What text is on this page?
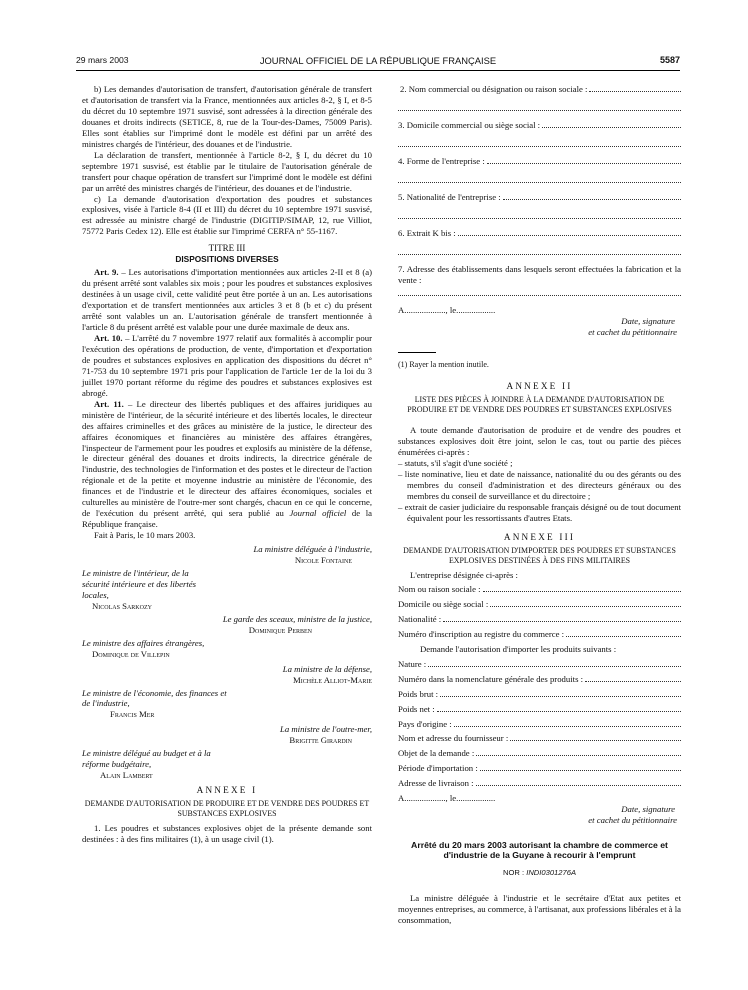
29 mars 2003	JOURNAL OFFICIEL DE LA RÉPUBLIQUE FRANÇAISE	5587

b) Les demandes d'autorisation de transfert, d'autorisation générale de transfert et d'autorisation de transfert via la France, mentionnées aux articles 8-2, § I, et 8-5 du décret du 10 septembre 1971 susvisé, sont adressées à la direction générale des douanes et droits indirects (SETICE, 8, rue de la Tour-des-Dames, 75009 Paris). Elles sont établies sur l'imprimé dont le modèle est défini par un arrêté des ministres chargés de l'intérieur, des douanes et de l'industrie.

La déclaration de transfert, mentionnée à l'article 8-2, § I, du décret du 10 septembre 1971 susvisé, est établie par le titulaire de l'autorisation générale de transfert pour chaque opération de transfert sur l'imprimé dont le modèle est défini par un arrêté des ministres chargés de l'intérieur, des douanes et de l'industrie.

c) La demande d'autorisation d'exportation des poudres et substances explosives, visée à l'article 8-4 (II et III) du décret du 10 septembre 1971 susvisé, est adressée au ministre chargé de l'industrie (DIGITIP/SIMAP, 12, rue Villiot, 75772 Paris Cedex 12). Elle est établie sur l'imprimé CERFA n° 55-1167.

TITRE III
DISPOSITIONS DIVERSES

Art. 9. – Les autorisations d'importation mentionnées aux articles 2-II et 8 (a) du présent arrêté sont valables six mois ; pour les poudres et substances explosives destinées à un usage civil, cette validité peut être portée à un an. Les autorisations d'exportation et de transfert mentionnées aux articles 3 et 8 (b et c) du présent arrêté sont valables un an. L'autorisation générale de transfert mentionnée à l'article 8 du présent arrêté est valable pour une durée maximale de deux ans.

Art. 10. – L'arrêté du 7 novembre 1977 relatif aux formalités à accomplir pour l'exécution des opérations de production, de vente, d'importation et d'exportation de poudres et substances explosives en application des dispositions du décret n° 71-753 du 10 septembre 1971 pris pour l'application de l'article 1er de la loi du 3 juillet 1970 portant réforme du régime des poudres et substances explosives est abrogé.

Art. 11. – Le directeur des libertés publiques et des affaires juridiques au ministère de l'intérieur, de la sécurité intérieure et des libertés locales, le directeur des affaires criminelles et des grâces au ministère de la justice, le directeur des affaires économiques et financières au ministère des affaires étrangères, l'inspecteur de l'armement pour les poudres et explosifs au ministère de la défense, le directeur général des douanes et droits indirects, la directrice générale de l'industrie, des technologies de l'information et des postes et le directeur de l'action régionale et de la petite et moyenne industrie au ministère de l'économie, des finances et de l'industrie et le directeur des affaires économiques, sociales et culturelles au ministère de l'outre-mer sont chargés, chacun en ce qui le concerne, de l'exécution du présent arrêté, qui sera publié au Journal officiel de la République française.

Fait à Paris, le 10 mars 2003.

La ministre déléguée à l'industrie,
Nicole Fontaine
Le ministre de l'intérieur, de la sécurité intérieure et des libertés locales,
Nicolas Sarkozy
Le garde des sceaux, ministre de la justice,
Dominique Perben
Le ministre des affaires étrangères,
Dominique de Villepin
La ministre de la défense,
Michèle Alliot-Marie
Le ministre de l'économie, des finances et de l'industrie,
Francis Mer
La ministre de l'outre-mer,
Brigitte Girardin
Le ministre délégué au budget et à la réforme budgétaire,
Alain Lambert
ANNEXE I
DEMANDE D'AUTORISATION DE PRODUIRE ET DE VENDRE DES POUDRES ET SUBSTANCES EXPLOSIVES

1. Les poudres et substances explosives objet de la présente demande sont destinées : à des fins militaires (1), à un usage civil (1).

2. Nom commercial ou désignation ou raison sociale :
3. Domicile commercial ou siège social :
4. Forme de l'entreprise :
5. Nationalité de l'entreprise :
6. Extrait K bis :

7. Adresse des établissements dans lesquels seront effectuées la fabrication et la vente :

A..................., le..................
Date, signature
et cachet du pétitionnaire
(1) Rayer la mention inutile.
ANNEXE II
LISTE DES PIÈCES À JOINDRE À LA DEMANDE D'AUTORISATION DE PRODUIRE ET DE VENDRE DES POUDRES ET SUBSTANCES EXPLOSIVES

A toute demande d'autorisation de produire et de vendre des poudres et substances explosives doit être joint, selon le cas, tout ou partie des pièces énumérées ci-après :

– statuts, s'il s'agit d'une société ;
– liste nominative, lieu et date de naissance, nationalité du ou des gérants ou des membres du conseil d'administration et des directeurs généraux ou des membres du conseil de surveillance et du directoire ;
– extrait de casier judiciaire du responsable français désigné ou de tout document équivalent pour les ressortissants d'autres Etats.
ANNEXE III
DEMANDE D'AUTORISATION D'IMPORTER DES POUDRES ET SUBSTANCES EXPLOSIVES DESTINÉES À DES FINS MILITAIRES

L'entreprise désignée ci-après :

Nom ou raison sociale :
Domicile ou siège social :
Nationalité :
Numéro d'inscription au registre du commerce :

Demande l'autorisation d'importer les produits suivants :

Nature :
Numéro dans la nomenclature générale des produits :
Poids brut :
Poids net :
Pays d'origine :
Nom et adresse du fournisseur :
Objet de la demande :
Période d'importation :
Adresse de livraison :
A..................., le..................
Date, signature
et cachet du pétitionnaire
Arrêté du 20 mars 2003 autorisant la chambre de commerce et d'industrie de la Guyane à recourir à l'emprunt
NOR : INDI0301276A

La ministre déléguée à l'industrie et le secrétaire d'Etat aux petites et moyennes entreprises, au commerce, à l'artisanat, aux professions libérales et à la consommation,
